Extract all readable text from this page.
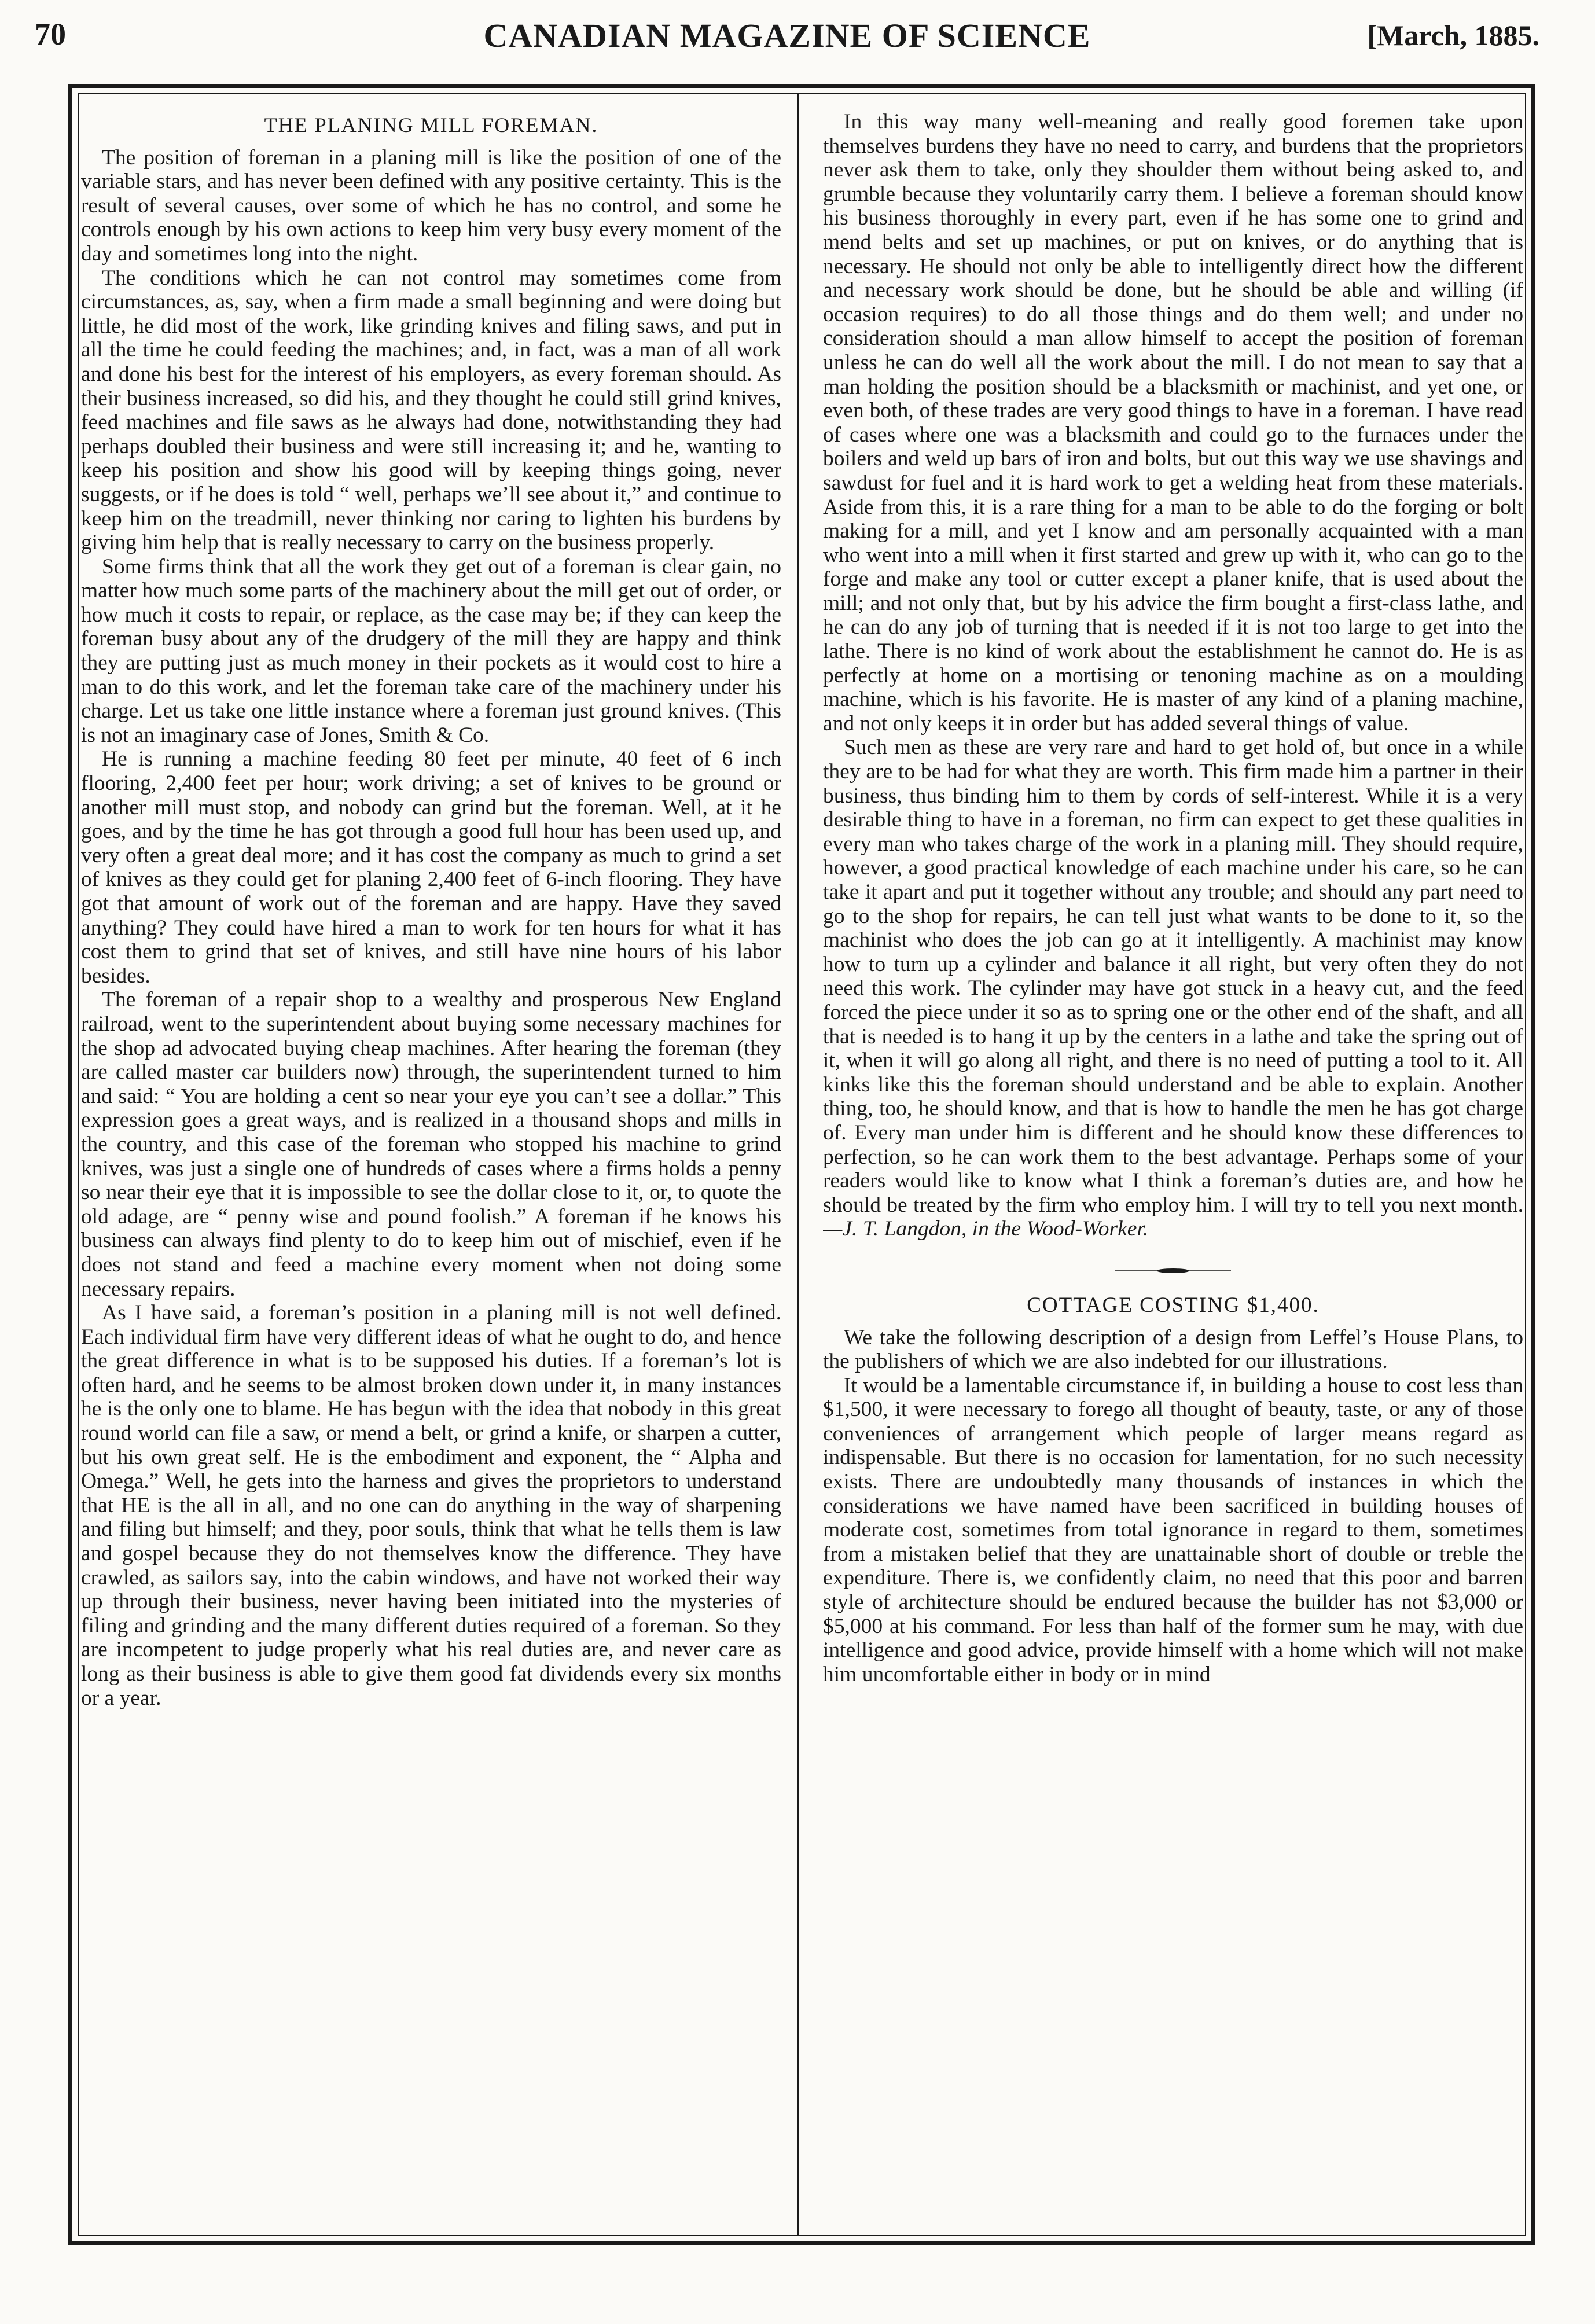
70	CANADIAN MAGAZINE OF SCIENCE	[March, 1885.
THE PLANING MILL FOREMAN.

The position of foreman in a planing mill is like the position of one of the variable stars, and has never been defined with any positive certainty. This is the result of several causes, over some of which he has no control, and some he controls enough by his own actions to keep him very busy every moment of the day and sometimes long into the night.

The conditions which he can not control may sometimes come from circumstances, as, say, when a firm made a small beginning and were doing but little, he did most of the work, like grinding knives and filing saws, and put in all the time he could feeding the machines; and, in fact, was a man of all work and done his best for the interest of his employers, as every foreman should. As their business increased, so did his, and they thought he could still grind knives, feed machines and file saws as he always had done, notwithstanding they had perhaps doubled their business and were still increasing it; and he, wanting to keep his position and show his good will by keeping things going, never suggests, or if he does is told “ well, perhaps we’ll see about it,” and continue to keep him on the treadmill, never thinking nor caring to lighten his burdens by giving him help that is really necessary to carry on the business properly.

Some firms think that all the work they get out of a foreman is clear gain, no matter how much some parts of the machinery about the mill get out of order, or how much it costs to repair, or replace, as the case may be; if they can keep the foreman busy about any of the drudgery of the mill they are happy and think they are putting just as much money in their pockets as it would cost to hire a man to do this work, and let the foreman take care of the machinery under his charge. Let us take one little instance where a foreman just ground knives. (This is not an imaginary case of Jones, Smith & Co.

He is running a machine feeding 80 feet per minute, 40 feet of 6 inch flooring, 2,400 feet per hour; work driving; a set of knives to be ground or another mill must stop, and nobody can grind but the foreman. Well, at it he goes, and by the time he has got through a good full hour has been used up, and very often a great deal more; and it has cost the company as much to grind a set of knives as they could get for planing 2,400 feet of 6-inch flooring. They have got that amount of work out of the foreman and are happy. Have they saved anything? They could have hired a man to work for ten hours for what it has cost them to grind that set of knives, and still have nine hours of his labor besides.

The foreman of a repair shop to a wealthy and prosperous New England railroad, went to the superintendent about buying some necessary machines for the shop ad advocated buying cheap machines. After hearing the foreman (they are called master car builders now) through, the superintendent turned to him and said: “ You are holding a cent so near your eye you can’t see a dollar.” This expression goes a great ways, and is realized in a thousand shops and mills in the country, and this case of the foreman who stopped his machine to grind knives, was just a single one of hundreds of cases where a firms holds a penny so near their eye that it is impossible to see the dollar close to it, or, to quote the old adage, are “ penny wise and pound foolish.” A foreman if he knows his business can always find plenty to do to keep him out of mischief, even if he does not stand and feed a machine every moment when not doing some necessary repairs.

As I have said, a foreman’s position in a planing mill is not well defined. Each individual firm have very different ideas of what he ought to do, and hence the great difference in what is to be supposed his duties. If a foreman’s lot is often hard, and he seems to be almost broken down under it, in many instances he is the only one to blame. He has begun with the idea that nobody in this great round world can file a saw, or mend a belt, or grind a knife, or sharpen a cutter, but his own great self. He is the embodiment and exponent, the “ Alpha and Omega.” Well, he gets into the harness and gives the proprietors to understand that HE is the all in all, and no one can do anything in the way of sharpening and filing but himself; and they, poor souls, think that what he tells them is law and gospel because they do not themselves know the difference. They have crawled, as sailors say, into the cabin windows, and have not worked their way up through their business, never having been initiated into the mysteries of filing and grinding and the many different duties required of a foreman. So they are incompetent to judge properly what his real duties are, and never care as long as their business is able to give them good fat dividends every six months or a year.

In this way many well-meaning and really good foremen take upon themselves burdens they have no need to carry, and burdens that the proprietors never ask them to take, only they shoulder them without being asked to, and grumble because they voluntarily carry them. I believe a foreman should know his business thoroughly in every part, even if he has some one to grind and mend belts and set up machines, or put on knives, or do anything that is necessary. He should not only be able to intelligently direct how the different and necessary work should be done, but he should be able and willing (if occasion requires) to do all those things and do them well; and under no consideration should a man allow himself to accept the position of foreman unless he can do well all the work about the mill. I do not mean to say that a man holding the position should be a blacksmith or machinist, and yet one, or even both, of these trades are very good things to have in a foreman. I have read of cases where one was a blacksmith and could go to the furnaces under the boilers and weld up bars of iron and bolts, but out this way we use shavings and sawdust for fuel and it is hard work to get a welding heat from these materials. Aside from this, it is a rare thing for a man to be able to do the forging or bolt making for a mill, and yet I know and am personally acquainted with a man who went into a mill when it first started and grew up with it, who can go to the forge and make any tool or cutter except a planer knife, that is used about the mill; and not only that, but by his advice the firm bought a first-class lathe, and he can do any job of turning that is needed if it is not too large to get into the lathe. There is no kind of work about the establishment he cannot do. He is as perfectly at home on a mortising or tenoning machine as on a moulding machine, which is his favorite. He is master of any kind of a planing machine, and not only keeps it in order but has added several things of value.

Such men as these are very rare and hard to get hold of, but once in a while they are to be had for what they are worth. This firm made him a partner in their business, thus binding him to them by cords of self-interest. While it is a very desirable thing to have in a foreman, no firm can expect to get these qualities in every man who takes charge of the work in a planing mill. They should require, however, a good practical knowledge of each machine under his care, so he can take it apart and put it together without any trouble; and should any part need to go to the shop for repairs, he can tell just what wants to be done to it, so the machinist who does the job can go at it intelligently. A machinist may know how to turn up a cylinder and balance it all right, but very often they do not need this work. The cylinder may have got stuck in a heavy cut, and the feed forced the piece under it so as to spring one or the other end of the shaft, and all that is needed is to hang it up by the centers in a lathe and take the spring out of it, when it will go along all right, and there is no need of putting a tool to it. All kinks like this the foreman should understand and be able to explain. Another thing, too, he should know, and that is how to handle the men he has got charge of. Every man under him is different and he should know these differences to perfection, so he can work them to the best advantage. Perhaps some of your readers would like to know what I think a foreman’s duties are, and how he should be treated by the firm who employ him. I will try to tell you next month.—J. T. Langdon, in the Wood-Worker.

COTTAGE COSTING $1,400.

We take the following description of a design from Leffel’s House Plans, to the publishers of which we are also indebted for our illustrations.

It would be a lamentable circumstance if, in building a house to cost less than $1,500, it were necessary to forego all thought of beauty, taste, or any of those conveniences of arrangement which people of larger means regard as indispensable. But there is no occasion for lamentation, for no such necessity exists. There are undoubtedly many thousands of instances in which the considerations we have named have been sacrificed in building houses of moderate cost, sometimes from total ignorance in regard to them, sometimes from a mistaken belief that they are unattainable short of double or treble the expenditure. There is, we confidently claim, no need that this poor and barren style of architecture should be endured because the builder has not $3,000 or $5,000 at his command. For less than half of the former sum he may, with due intelligence and good advice, provide himself with a home which will not make him uncomfortable either in body or in mind
